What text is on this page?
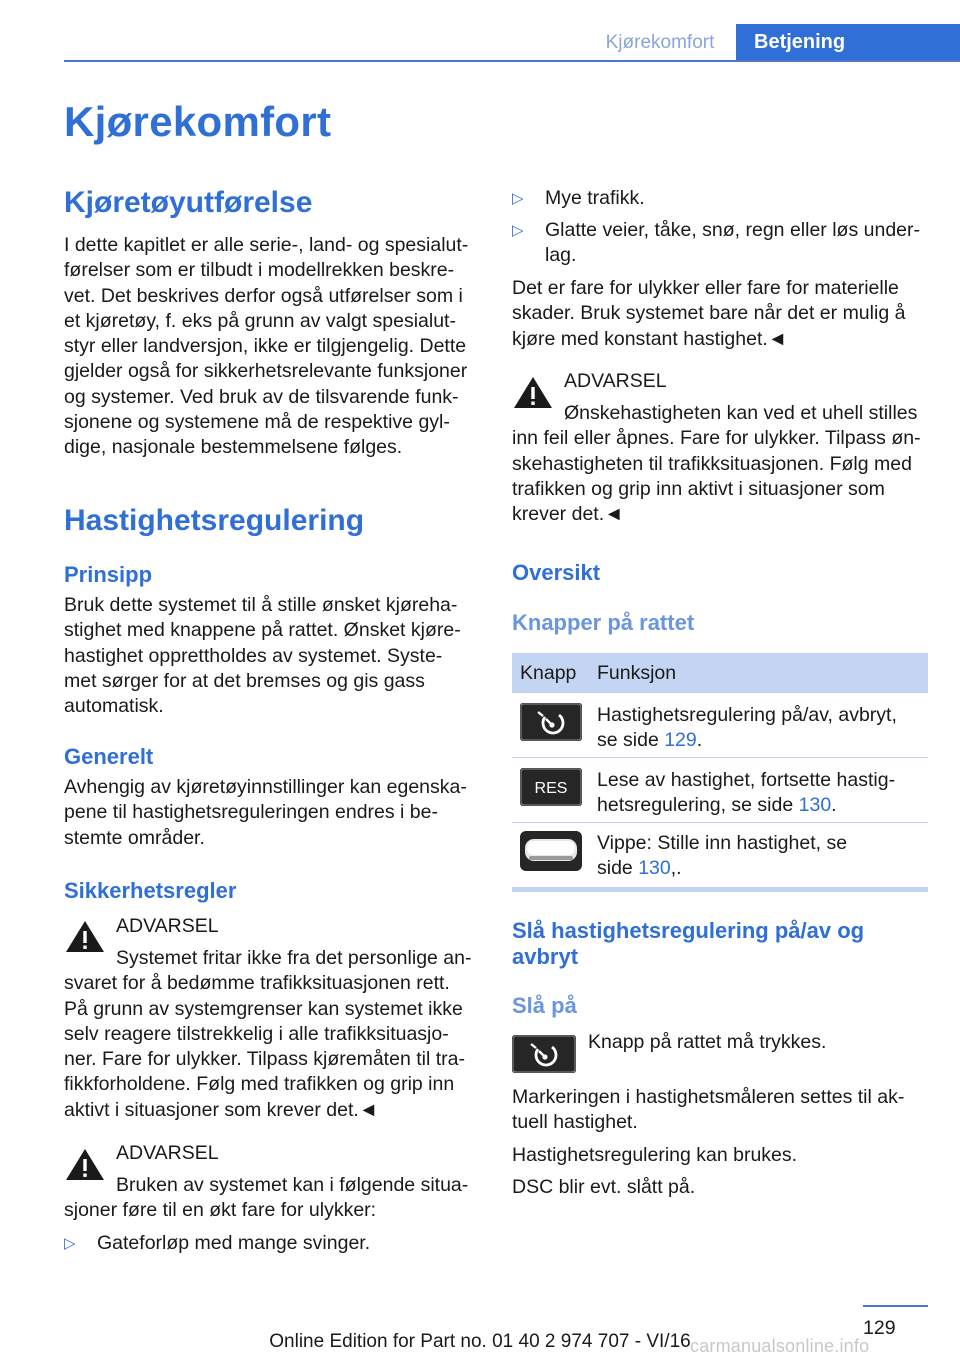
Kjørekomfort	Betjening
Kjørekomfort
Kjøretøyutførelse
I dette kapitlet er alle serie-, land- og spesialut-
førelser som er tilbudt i modellrekken beskre-
vet. Det beskrives derfor også utførelser som i
et kjøretøy, f. eks på grunn av valgt spesialut-
styr eller landversjon, ikke er tilgjengelig. Dette
gjelder også for sikkerhetsrelevante funksjoner
og systemer. Ved bruk av de tilsvarende funk-
sjonene og systemene må de respektive gyl-
dige, nasjonale bestemmelsene følges.
Hastighetsregulering
Prinsipp
Bruk dette systemet til å stille ønsket kjøreha-
stighet med knappene på rattet. Ønsket kjøre-
hastighet opprettholdes av systemet. Syste-
met sørger for at det bremses og gis gass
automatisk.
Generelt
Avhengig av kjøretøyinnstillinger kan egenska-
pene til hastighetsreguleringen endres i be-
stemte områder.
Sikkerhetsregler
ADVARSEL
Systemet fritar ikke fra det personlige an-
svaret for å bedømme trafikksituasjonen rett.
På grunn av systemgrenser kan systemet ikke
selv reagere tilstrekkelig i alle trafikksituasjo-
ner. Fare for ulykker. Tilpass kjøremåten til tra-
fikkforholdene. Følg med trafikken og grip inn
aktivt i situasjoner som krever det.◄
ADVARSEL
Bruken av systemet kan i følgende situa-
sjoner føre til en økt fare for ulykker:
▷ Gateforløp med mange svinger.
▷ Mye trafikk.
▷ Glatte veier, tåke, snø, regn eller løs under-
lag.
Det er fare for ulykker eller fare for materielle
skader. Bruk systemet bare når det er mulig å
kjøre med konstant hastighet.◄
ADVARSEL
Ønskehastigheten kan ved et uhell stilles
inn feil eller åpnes. Fare for ulykker. Tilpass øn-
skehastigheten til trafikksituasjonen. Følg med
trafikken og grip inn aktivt i situasjoner som
krever det.◄
Oversikt
Knapper på rattet
Knapp Funksjon
Hastighetsregulering på/av, avbryt,
se side 129.
RES Lese av hastighet, fortsette hastig-
hetsregulering, se side 130.
Vippe: Stille inn hastighet, se
side 130,.
Slå hastighetsregulering på/av og
avbryt
Slå på
Knapp på rattet må trykkes.
Markeringen i hastighetsmåleren settes til ak-
tuell hastighet.
Hastighetsregulering kan brukes.
DSC blir evt. slått på.
129
Online Edition for Part no. 01 40 2 974 707 - VI/16 carmanualsonline.info
